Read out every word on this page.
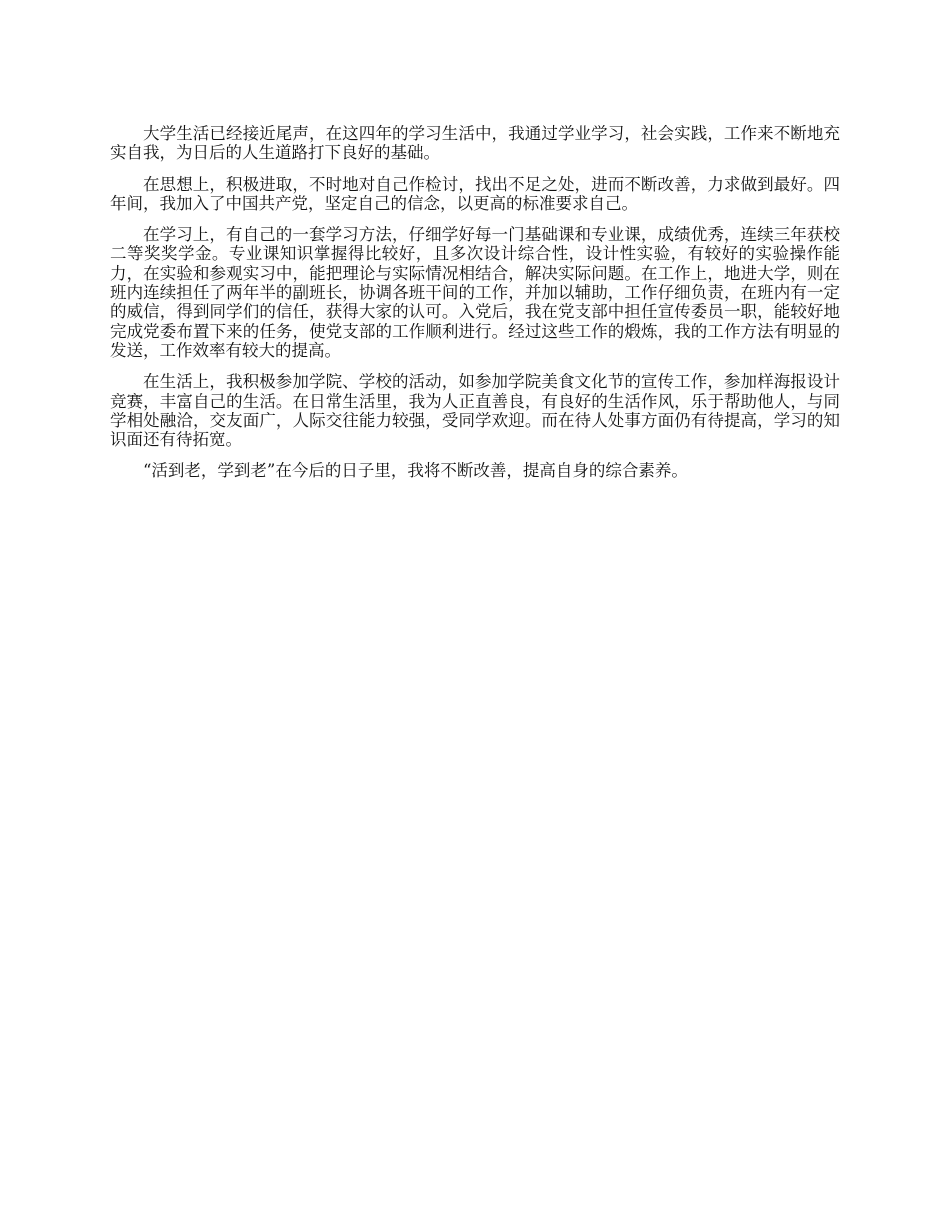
大学生活已经接近尾声，在这四年的学习生活中，我通过学业学习，社会实践，工作来不断地充实自我，为日后的人生道路打下良好的基础。

在思想上，积极进取，不时地对自己作检讨，找出不足之处，进而不断改善，力求做到最好。四年间，我加入了中国共产党，坚定自己的信念，以更高的标准要求自己。

在学习上，有自己的一套学习方法，仔细学好每一门基础课和专业课，成绩优秀，连续三年获校二等奖奖学金。专业课知识掌握得比较好，且多次设计综合性，设计性实验，有较好的实验操作能力，在实验和参观实习中，能把理论与实际情况相结合，解决实际问题。在工作上，地进大学，则在班内连续担任了两年半的副班长，协调各班干间的工作，并加以辅助，工作仔细负责，在班内有一定的威信，得到同学们的信任，获得大家的认可。入党后，我在党支部中担任宣传委员一职，能较好地完成党委布置下来的任务，使党支部的工作顺利进行。经过这些工作的煅炼，我的工作方法有明显的发送，工作效率有较大的提高。

在生活上，我积极参加学院、学校的活动，如参加学院美食文化节的宣传工作，参加样海报设计竞赛，丰富自己的生活。在日常生活里，我为人正直善良，有良好的生活作风，乐于帮助他人，与同学相处融洽，交友面广，人际交往能力较强，受同学欢迎。而在待人处事方面仍有待提高，学习的知识面还有待拓宽。

“活到老，学到老”在今后的日子里，我将不断改善，提高自身的综合素养。
